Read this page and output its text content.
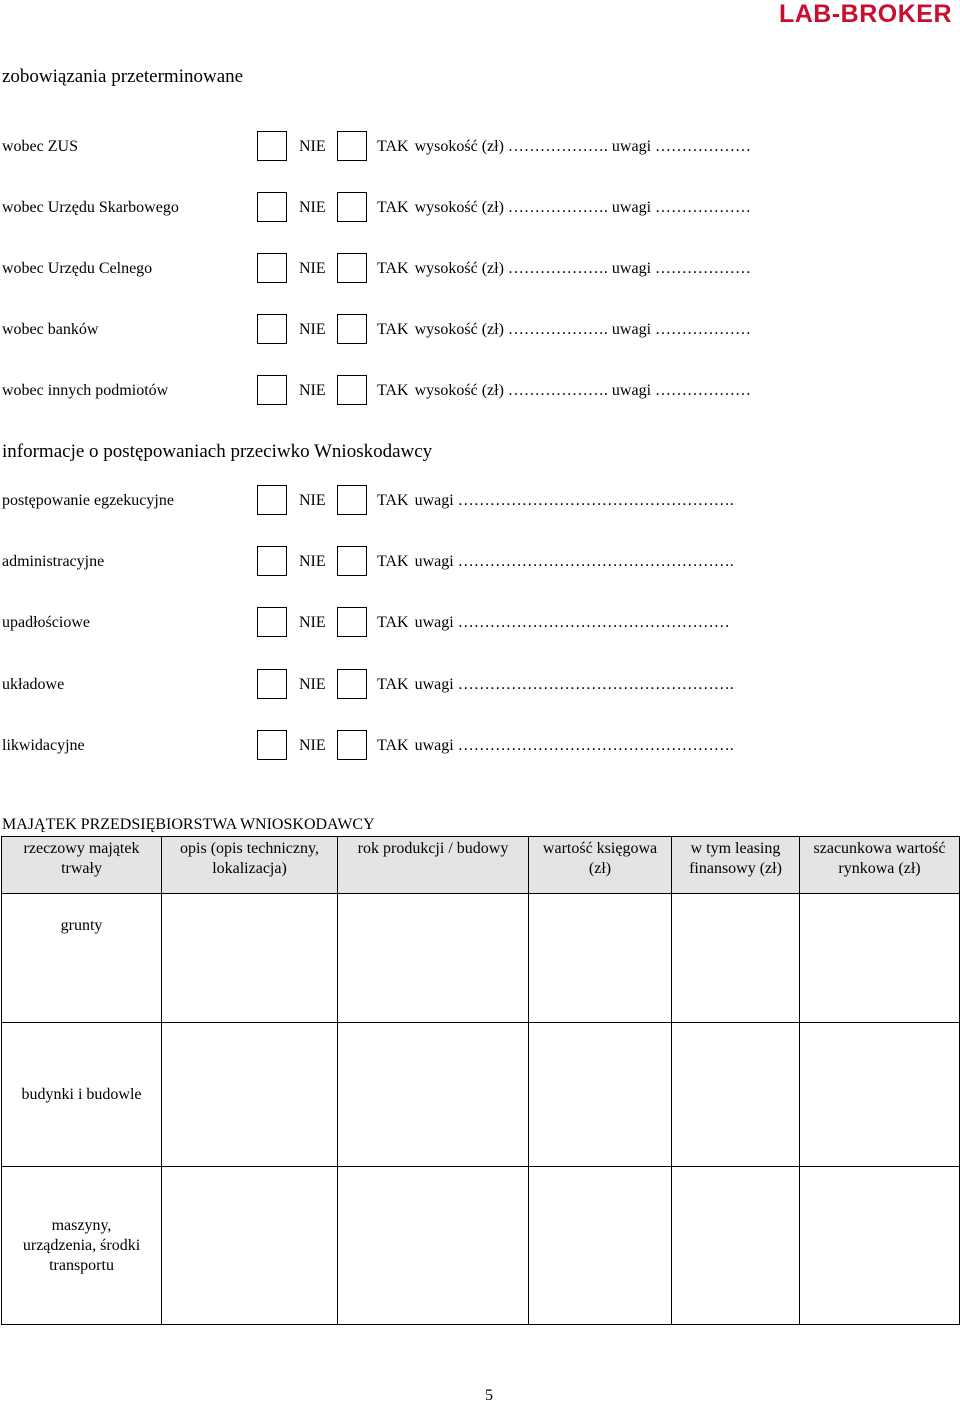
LAB-BROKER
zobowiązania przeterminowane
wobec ZUS	NIE	TAK wysokość (zł) ………………. uwagi ………………
wobec Urzędu Skarbowego	NIE	TAK wysokość (zł) ………………. uwagi ………………
wobec Urzędu Celnego	NIE	TAK wysokość (zł) ………………. uwagi ………………
wobec banków	NIE	TAK wysokość (zł) ………………. uwagi ………………
wobec innych podmiotów	NIE	TAK wysokość (zł) ………………. uwagi ………………
informacje o postępowaniach przeciwko Wnioskodawcy
postępowanie egzekucyjne	NIE	TAK uwagi …………………………………………….
administracyjne	NIE	TAK uwagi …………………………………………….
upadłościowe	NIE	TAK uwagi ……………………………………………
układowe	NIE	TAK uwagi …………………………………………….
likwidacyjne	NIE	TAK uwagi …………………………………………….
MAJĄTEK PRZEDSIĘBIORSTWA WNIOSKODAWCY
rzeczowy majątek trwały	opis (opis techniczny, lokalizacja)	rok produkcji / budowy	wartość księgowa (zł)	w tym leasing finansowy (zł)	szacunkowa wartość rynkowa (zł)
grunty					
budynki i budowle					
maszyny, urządzenia, środki transportu					
5
